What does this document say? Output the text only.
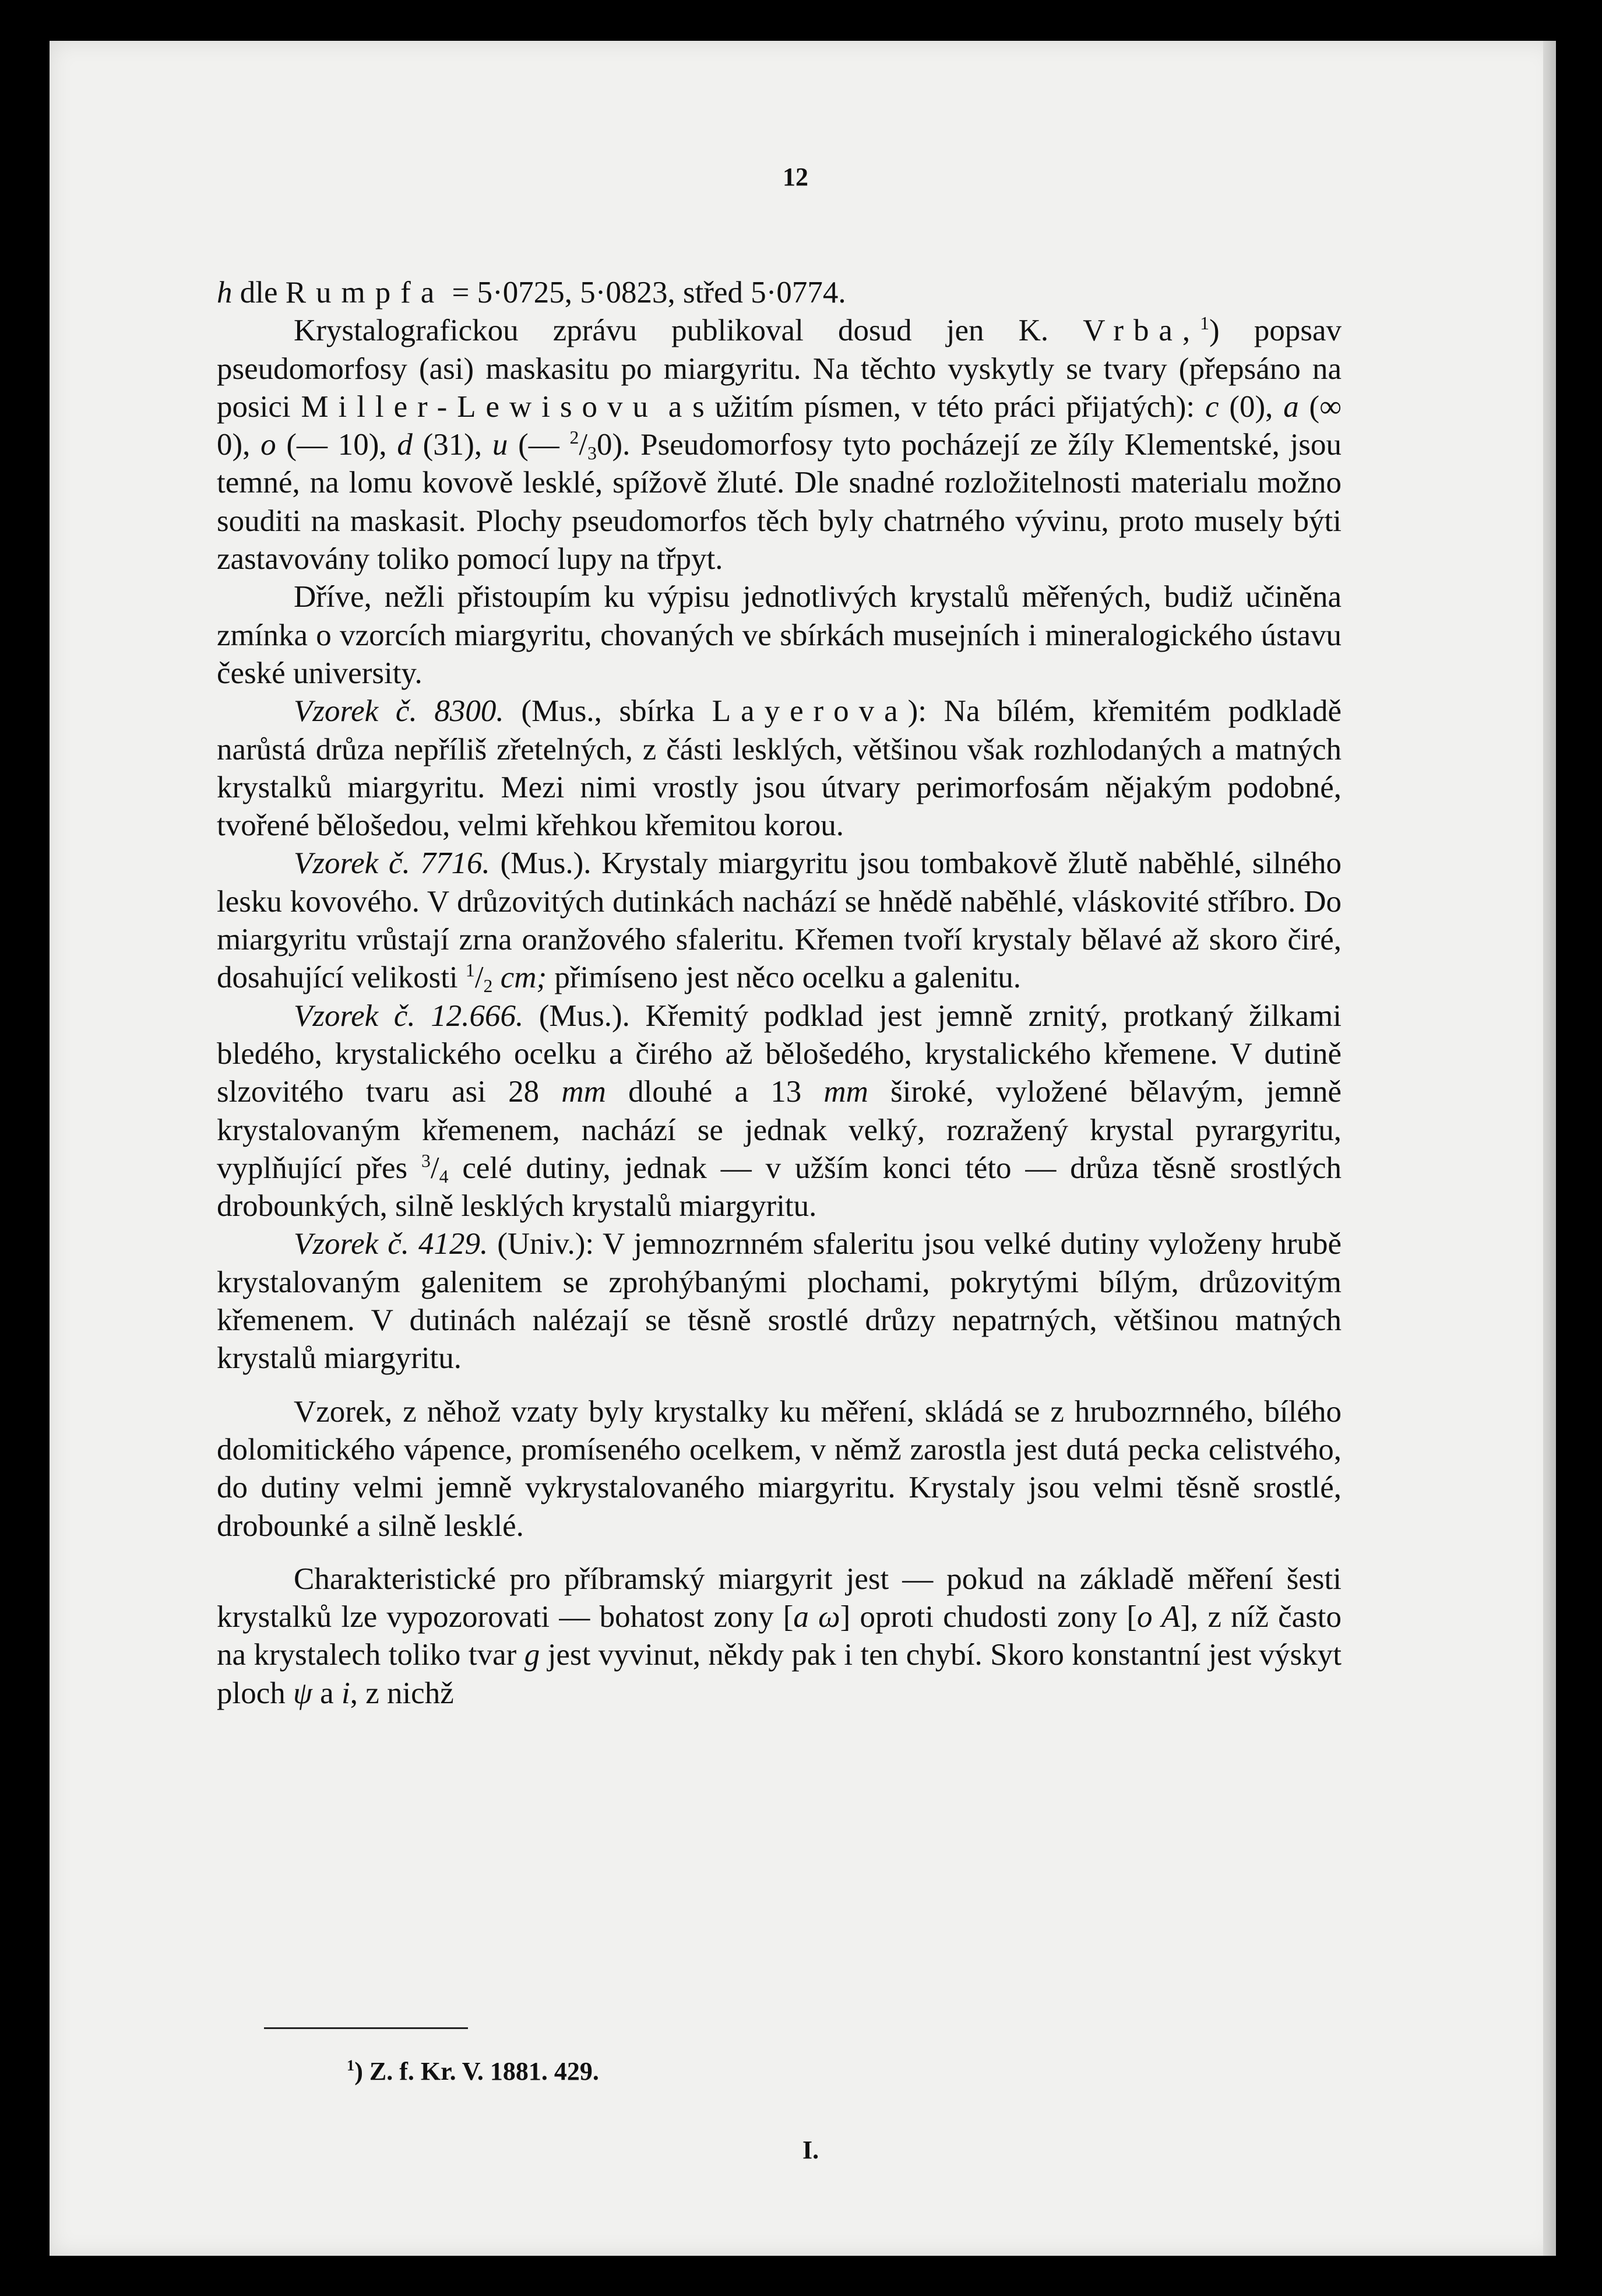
12

h dle Rumpfa = 5·0725, 5·0823, střed 5·0774.

Krystalografickou zprávu publikoval dosud jen K. Vrba,$^1$) popsav pseudomorfosy (asi) maskasitu po miargyritu. Na těchto vyskytly se tvary (přepsáno na posici Miller-Lewisovu a s užitím písmen, v této práci přijatých): c (0), a (∞ 0), o (— 10), d (31), u (— $^2/_30$). Pseudomorfosy tyto pocházejí ze žíly Klementské, jsou temné, na lomu kovově lesklé, spížově žluté. Dle snadné rozložitelnosti materialu možno souditi na maskasit. Plochy pseudomorfos těch byly chatrného vývinu, proto musely býti zastavovány toliko pomocí lupy na třpyt.

Dříve, nežli přistoupím ku výpisu jednotlivých krystalů měřených, budiž učiněna zmínka o vzorcích miargyritu, chovaných ve sbírkách musejních i mineralogického ústavu české university.

Vzorek č. 8300. (Mus., sbírka Layerova): Na bílém, křemitém podkladě narůstá drůza nepříliš zřetelných, z části lesklých, většinou však rozhlodaných a matných krystalků miargyritu. Mezi nimi vrostly jsou útvary perimorfosám nějakým podobné, tvořené bělošedou, velmi křehkou křemitou korou.

Vzorek č. 7716. (Mus.). Krystaly miargyritu jsou tombakově žlutě naběhlé, silného lesku kovového. V drůzovitých dutinkách nachází se hnědě naběhlé, vláskovité stříbro. Do miargyritu vrůstají zrna oranžového sfaleritu. Křemen tvoří krystaly bělavé až skoro čiré, dosahující velikosti $^1/_2$ cm; přimíseno jest něco ocelku a galenitu.

Vzorek č. 12.666. (Mus.). Křemitý podklad jest jemně zrnitý, protkaný žilkami bledého, krystalického ocelku a čirého až bělošedého, krystalického křemene. V dutině slzovitého tvaru asi 28 mm dlouhé a 13 mm široké, vyložené bělavým, jemně krystalovaným křemenem, nachází se jednak velký, rozražený krystal pyrargyritu, vyplňující přes $^3/_4$ celé dutiny, jednak — v užším konci této — drůza těsně srostlých drobounkých, silně lesklých krystalů miargyritu.

Vzorek č. 4129. (Univ.): V jemnozrnném sfaleritu jsou velké dutiny vyloženy hrubě krystalovaným galenitem se zprohýbanými plochami, pokrytými bílým, drůzovitým křemenem. V dutinách nalézají se těsně srostlé drůzy nepatrných, většinou matných krystalů miargyritu.

Vzorek, z něhož vzaty byly krystalky ku měření, skládá se z hrubozrnného, bílého dolomitického vápence, promíseného ocelkem, v němž zarostla jest dutá pecka celistvého, do dutiny velmi jemně vykrystalovaného miargyritu. Krystaly jsou velmi těsně srostlé, drobounké a silně lesklé.

Charakteristické pro příbramský miargyrit jest — pokud na základě měření šesti krystalků lze vypozorovati — bohatost zony [a ω] oproti chudosti zony [o A], z níž často na krystalech toliko tvar g jest vyvinut, někdy pak i ten chybí. Skoro konstantní jest výskyt ploch ψ a i, z nichž

$^1$) Z. f. Kr. V. 1881. 429.
I.
